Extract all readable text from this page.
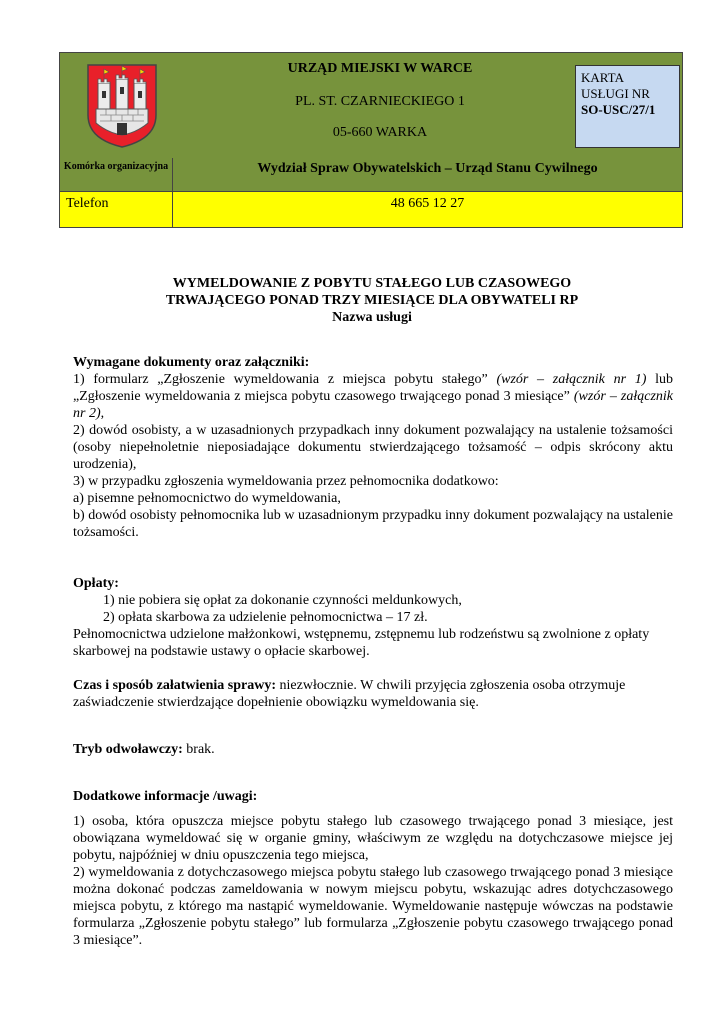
URZĄD MIEJSKI W WARCE
PL. ST. CZARNIECKIEGO 1
05-660 WARKA
KARTA
USŁUGI NR
SO-USC/27/1
Komórka organizacyjna	Wydział Spraw Obywatelskich – Urząd Stanu Cywilnego
Telefon	48 665 12 27
WYMELDOWANIE Z POBYTU STAŁEGO LUB CZASOWEGO
TRWAJĄCEGO PONAD TRZY MIESIĄCE DLA OBYWATELI RP
Nazwa usługi

Wymagane dokumenty oraz załączniki:

1) formularz „Zgłoszenie wymeldowania z miejsca pobytu stałego” (wzór – załącznik nr 1) lub „Zgłoszenie wymeldowania z miejsca pobytu czasowego trwającego ponad 3 miesiące” (wzór – załącznik nr 2),

2) dowód osobisty, a w uzasadnionych przypadkach inny dokument pozwalający na ustalenie tożsamości (osoby niepełnoletnie nieposiadające dokumentu stwierdzającego tożsamość – odpis skrócony aktu urodzenia),

3) w przypadku zgłoszenia wymeldowania przez pełnomocnika dodatkowo:

a) pisemne pełnomocnictwo do wymeldowania,

b) dowód osobisty pełnomocnika lub w uzasadnionym przypadku inny dokument pozwalający na ustalenie tożsamości.

Opłaty:

1) nie pobiera się opłat za dokonanie czynności meldunkowych,

2) opłata skarbowa za udzielenie pełnomocnictwa – 17 zł.

Pełnomocnictwa udzielone małżonkowi, wstępnemu, zstępnemu lub rodzeństwu są zwolnione z opłaty skarbowej na podstawie ustawy o opłacie skarbowej.

Czas i sposób załatwienia sprawy: niezwłocznie. W chwili przyjęcia zgłoszenia osoba otrzymuje zaświadczenie stwierdzające dopełnienie obowiązku wymeldowania się.

Tryb odwoławczy: brak.

Dodatkowe informacje /uwagi:

1) osoba, która opuszcza miejsce pobytu stałego lub czasowego trwającego ponad 3 miesiące, jest obowiązana wymeldować się w organie gminy, właściwym ze względu na dotychczasowe miejsce jej pobytu, najpóźniej w dniu opuszczenia tego miejsca,

2) wymeldowania z dotychczasowego miejsca pobytu stałego lub czasowego trwającego ponad 3 miesiące można dokonać podczas zameldowania w nowym miejscu pobytu, wskazując adres dotychczasowego miejsca pobytu, z którego ma nastąpić wymeldowanie. Wymeldowanie następuje wówczas na podstawie formularza „Zgłoszenie pobytu stałego” lub formularza „Zgłoszenie pobytu czasowego trwającego ponad 3 miesiące”.
